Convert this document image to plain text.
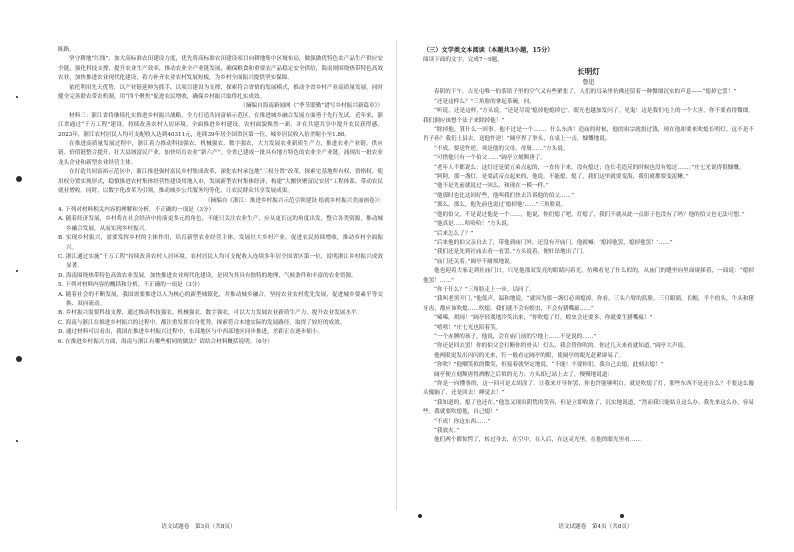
陈路。

坚守耕地“红线”，加大高标准农田建设力度，优先将高标准农田建设项目向耕地集中区域布局，做强做优特色农产品生产供应安全链，强化科技支撑，提升农业生产效率，推动农业全产业链发展，确保粮食和重要农产品稳定安全供给，海南则围绕热带特色高效农业，加快推进农业现代化建设，着力补齐农业农村发展短板，为乡村全面振兴提供坚实保障。

依托利用先天优势，以产业链延伸为抓手、以项目建设为支撑，探索符合省情的发展模式，推动全省乡村产业高质量发展，同时健全完善联农带农机制，用“四个聚焦”促进农民增收，确保乡村振兴取得扎实成效。

（摘编自海南新闻网《“季节联勤”谱写乡村振兴新篇章》）

材料三：浙江省将继续扎实推进乡村振兴战略，全力打造共同富裕示范区，在推进城乡融合发展方面勇于先行先试。近年来，浙江省通过“千万工程”建设，持续改善农村人居环境，全面推进乡村建设，农村面貌焕然一新，并在共建共享中提升农民获得感。2023年，浙江农村居民人均可支配收入达到40311元，连续39年居全国省区第一位，城乡居民收入倍差缩小至1.86。

在推进高质量发展过程中，浙江着力推动科技强农、机械强农、数字强农，大力发展农业新质生产力，推进农业产业链、供应链、价值链整合提升，壮大县域富民产业，加快培育农业“新六产”。全省已建成一批具有地方特色的农业全产业链，涌现出一批农业龙头企业和新型农业经营主体。

在打造共同富裕示范区中，浙江推进强村富民乡村集成改革，深化农村承包地“三权分置”改革，探索宅基地所有权、资格权、使用权分置实现形式，稳慎推进农村集体经营性建设用地入市，发展新型农村集体经济，构建“大搬快聚富民安居”工程体系，带动农民就业增收。同时，以数字化改革为引领，推动城乡公共服务均等化，让农民群众共享发展成果。

（摘编自《浙江：推进乡村振兴示范引领建设 绘就乡村振兴美丽画卷》）

4. 下列对材料相关内容的理解和分析，不正确的一项是（3分）

A. 随着经济发展，乡村将在社会经济中扮演更多元的角色，不能只关注农业生产，应从更长远的角度出发，整合各类资源，推动城乡融合发展，从而实现乡村振兴。

B. 实现乡村振兴，需要发挥乡村的主体作用，培育新型农业经营主体，发展壮大乡村产业，促进农民持续增收，推动乡村全面振兴。

C. 浙江通过实施“千万工程”持续改善农村人居环境，农村居民人均可支配收入连续多年居全国省区第一位，说明浙江乡村振兴成效显著。

D. 海南围绕热带特色高效农业发展，加快推进农业现代化建设，是因为其具有独特的地理、气候条件和丰富的农业资源。

5. 下列对材料内容的概括和分析，不正确的一项是（3分）

A. 随着社会的不断发展，我国需要推进以人为核心的新型城镇化，并推动城乡融合，坚持农业农村优先发展，促进城乡要素平等交换、双向流动。

B. 乡村振兴需要科技支撑，通过推动科技强农、机械强农、数字强农，可以大力发展农业新质生产力，提升农业发展水平。

C. 海南与浙江在推进乡村振兴的过程中，都注重发挥自身优势，探索符合本地实际的发展路径，取得了较好的成效。

D. 通过材料可以看出，我国在推进乡村振兴过程中，东部地区与中西部地区同步推进，差距正在逐步缩小。

6. 在推进乡村振兴方面，海南与浙江有哪些相同的做法？请结合材料概括说明。（6分）

语文试题卷　第3页（共8页）

（三）文学类文本阅读（本题共3小题，15分）

阅读下面的文字，完成7～9题。

长明灯
鲁迅

春阴的下午，吉光屯唯一的茶馆子里的空气又有些紧张了，人们的耳朵里仿佛还留着一种微细沉实的声息——“熄掉它罢！”

“还是这样么？”三角脸的拿起茶碗，问。

“听说，还是这样，”方头说，“还是尽说‘熄掉他熄掉它’。眼光也越加发闪了。见鬼！这是我们屯上的一个大害，你不要看得微细。我们倒应该想个法子来除掉他！”

“除掉他，算什么一回事。他不过是一个……。什么东西！造庙的时候，他的祖宗就捐过钱，现在他却要来吹熄长明灯。这不是不肖子孙？我们上县去，送他忤逆！”阔亭捏了拳头，在桌上一击，慷慨地说。

“不成。要送忤逆，须是他的父母，母舅……”方头说。

“可惜他只有一个伯父……”阔亭立刻颓唐了。

“老年人不都说么：这灯还是梁五弟点起的，一直传下来，没有熄过；连长毛造反的时候也没有熄过……。”庄七光说得很慷慨。

“阿阿，那一盏灯，是梁武帝点起来的，他说，不能熄，熄了，我们这里就要变海，我们就都要变泥鳅。”

“他不是先前就说过一回么，和现在一模一样。”

“他那时也比这回好些，他叫我们快去告诉他的伯父……”

“那么，那么，他先前也说过‘熄掉他’……”三角脸说。

“他的伯父，不是说过他是一个……，他说，你们熄了吧，灯熄了，我们不就从此一点影子也没有了吗？他的伯父也无法可想。”

“他真是……哈哈哈！”方头说。

“后来怎么了？”

“后来他的伯父亲自去了，带他到庙门外，还没有开庙门，他就喊：‘熄掉他罢，熄掉他罢！’……”

“我们还是先到社庙去看一看罢。”方头说着，便轩昂地出了门。

“庙门还关着。”阔亭不耐烦地说。

他也迎着大家走到社庙门口，只见他那双发亮的眼睛闪着光，仿佛看见了什么似的，从庙门的缝里向里面窥探着，一面说：“熄掉他罢！……”

“你干什么？”三角脸走上一步，诘问了。

“我叫老黑开门，”他低声，温和地说，“就因为那一盏灯必须熄掉。你看，三头六臂的蓝脸，三只眼睛，长帽，半个的头，牛头和猪牙齿，都应该吹熄……吹熄。我们就不会有蝗虫，不会有猪嘴瘟……”

“唏唏，胡闹！”阔亭轻蔑地冷笑出来，“你吹熄了灯，蝗虫会还要多，你就要生猪嘴瘟！”

“嘻嘻！”庄七光也陪着笑。

“一个赤膊的孩子，他说，会在庙门前的空地上……不是说的……”

“你还是回去罢！你的伯父会打断你的骨头！灯么，我会替你吹的。你过几天来看就知道。”阔亭大声说。

他两眼更发出闪闪的光来，钉一般看定阔亭的眼，使阔亭的眼光赶紧辟易了。

“你吹？”他嘲笑似的微笑，但接着就坚定地说，“不能！不要你们。我自己去熄，此刻去熄！”

阔亭便立刻颓唐得酒醒之后似的无力；方头却已站上去了，慢慢地说道：

“你是一向懂事的，这一回可是太胡涂了。让我来开导你罢，你也许能够明白。就是吹熄了灯，那些东西不是还在么？不要这么傻头傻脑了，还是回去！睡觉去！”

“我知道的，熄了也还在。”他忽又现出阴鸷的笑容，但是立即收敛了，沉实地说道，“然而我只能姑且这么办。我先来这么办，容易些。我就要吹熄他，自己熄！”

“不成！你这东西……”

“我放火。”

他们两个都惊愕了，转过身去，在空中，在人后，在这灵光里，在他的眼光里看……

语文试题卷　第4页（共8页）
